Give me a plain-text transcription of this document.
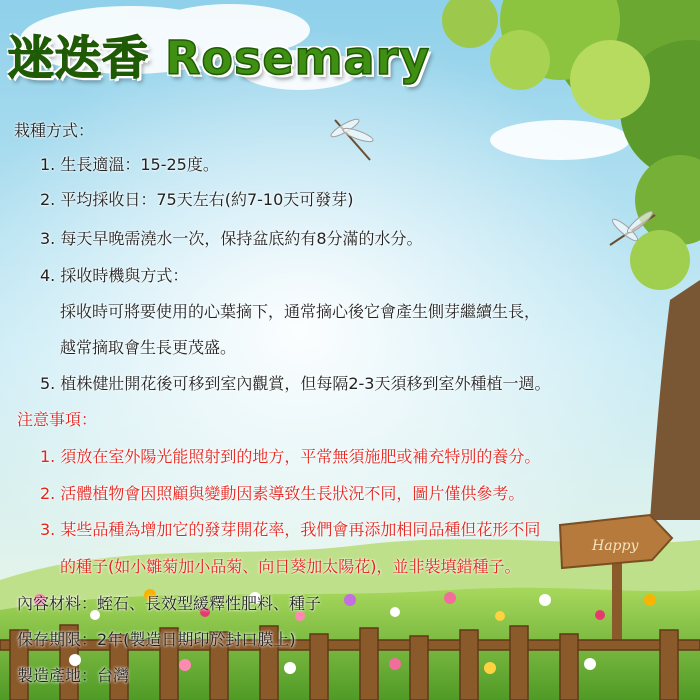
Happy
迷迭香 Rosemary
栽種方式：
1. 生長適溫：15-25度。
2. 平均採收日：75天左右(約7-10天可發芽)
3. 每天早晚需澆水一次，保持盆底約有8分滿的水分。
4. 採收時機與方式：
採收時可將要使用的心葉摘下，通常摘心後它會產生側芽繼續生長，
越常摘取會生長更茂盛。
5. 植株健壯開花後可移到室內觀賞，但每隔2-3天須移到室外種植一週。
注意事項：
1. 須放在室外陽光能照射到的地方，平常無須施肥或補充特別的養分。
2. 活體植物會因照顧與變動因素導致生長狀況不同，圖片僅供參考。
3. 某些品種為增加它的發芽開花率，我們會再添加相同品種但花形不同
的種子(如小雛菊加小品菊、向日葵加太陽花)，並非裝填錯種子。
內容材料：蛭石、長效型緩釋性肥料、種子
保存期限：2年(製造日期印於封口膜上)
製造產地：台灣
